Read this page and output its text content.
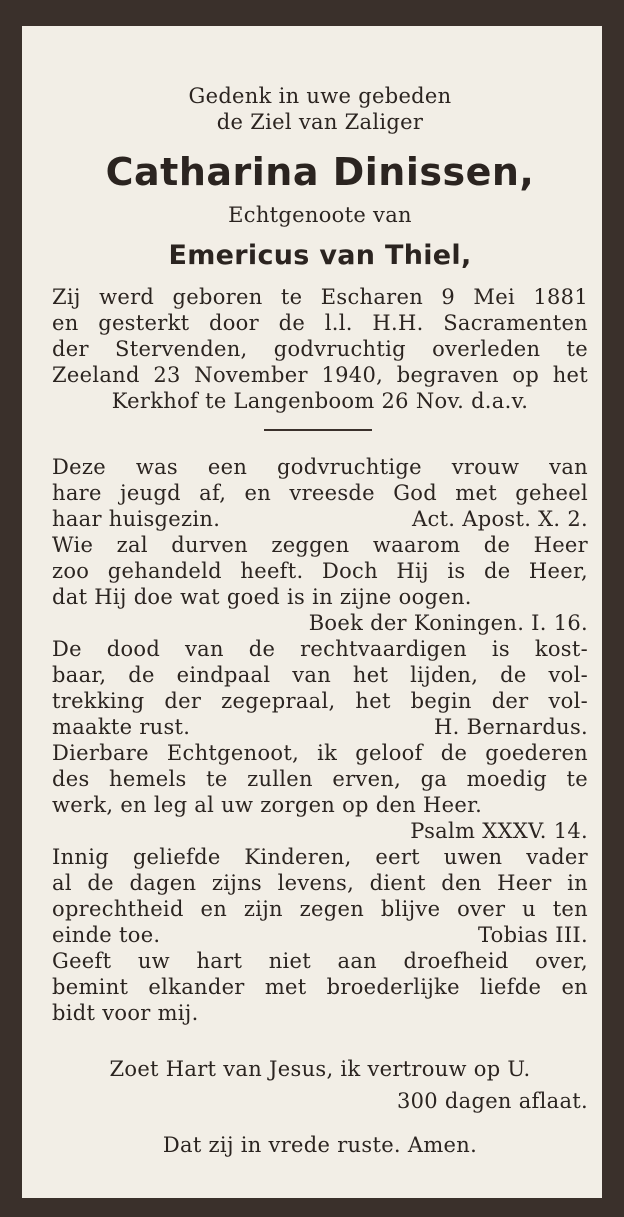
Gedenk in uwe gebeden
de Ziel van Zaliger
Catharina Dinissen,
Echtgenoote van
Emericus van Thiel,
Zij werd geboren te Escharen 9 Mei 1881
en gesterkt door de l.l. H.H. Sacramenten
der Stervenden, godvruchtig overleden te
Zeeland 23 November 1940, begraven op het
Kerkhof te Langenboom 26 Nov. d.a.v.
Deze was een godvruchtige vrouw van
hare jeugd af, en vreesde God met geheel
haar huisgezin.	Act. Apost. X. 2.
Wie zal durven zeggen waarom de Heer
zoo gehandeld heeft. Doch Hij is de Heer,
dat Hij doe wat goed is in zijne oogen.
Boek der Koningen. I. 16.
De dood van de rechtvaardigen is kost-
baar, de eindpaal van het lijden, de vol-
trekking der zegepraal, het begin der vol-
maakte rust.	H. Bernardus.
Dierbare Echtgenoot, ik geloof de goederen
des hemels te zullen erven, ga moedig te
werk, en leg al uw zorgen op den Heer.
Psalm XXXV. 14.
Innig geliefde Kinderen, eert uwen vader
al de dagen zijns levens, dient den Heer in
oprechtheid en zijn zegen blijve over u ten
einde toe.	Tobias III.
Geeft uw hart niet aan droefheid over,
bemint elkander met broederlijke liefde en
bidt voor mij.
Zoet Hart van Jesus, ik vertrouw op U.
300 dagen aflaat.
Dat zij in vrede ruste. Amen.
